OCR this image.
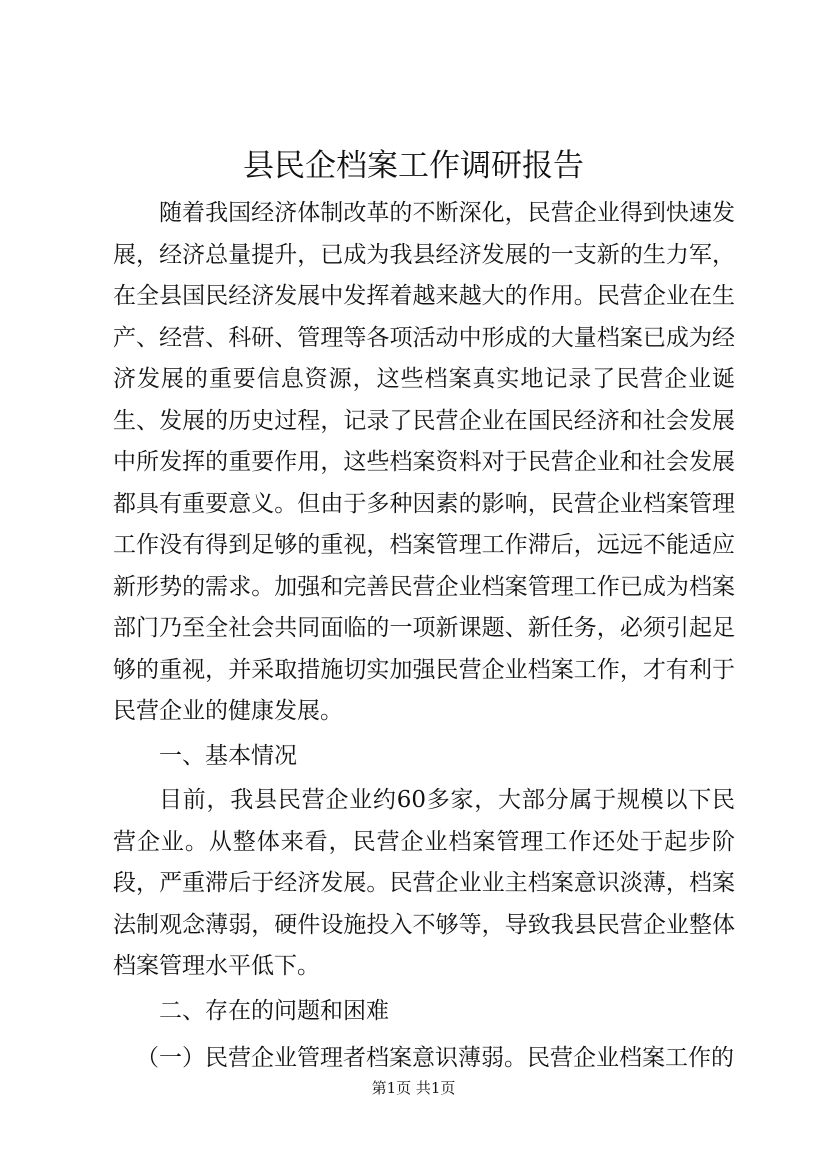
县民企档案工作调研报告

随着我国经济体制改革的不断深化，民营企业得到快速发展，经济总量提升，已成为我县经济发展的一支新的生力军，在全县国民经济发展中发挥着越来越大的作用。民营企业在生产、经营、科研、管理等各项活动中形成的大量档案已成为经济发展的重要信息资源，这些档案真实地记录了民营企业诞生、发展的历史过程，记录了民营企业在国民经济和社会发展中所发挥的重要作用，这些档案资料对于民营企业和社会发展都具有重要意义。但由于多种因素的影响，民营企业档案管理工作没有得到足够的重视，档案管理工作滞后，远远不能适应新形势的需求。加强和完善民营企业档案管理工作已成为档案部门乃至全社会共同面临的一项新课题、新任务，必须引起足够的重视，并采取措施切实加强民营企业档案工作，才有利于民营企业的健康发展。

一、基本情况

目前，我县民营企业约60多家，大部分属于规模以下民营企业。从整体来看，民营企业档案管理工作还处于起步阶段，严重滞后于经济发展。民营企业业主档案意识淡薄，档案法制观念薄弱，硬件设施投入不够等，导致我县民营企业整体档案管理水平低下。

二、存在的问题和困难

（一）民营企业管理者档案意识薄弱。民营企业档案工作的

第1页 共1页
